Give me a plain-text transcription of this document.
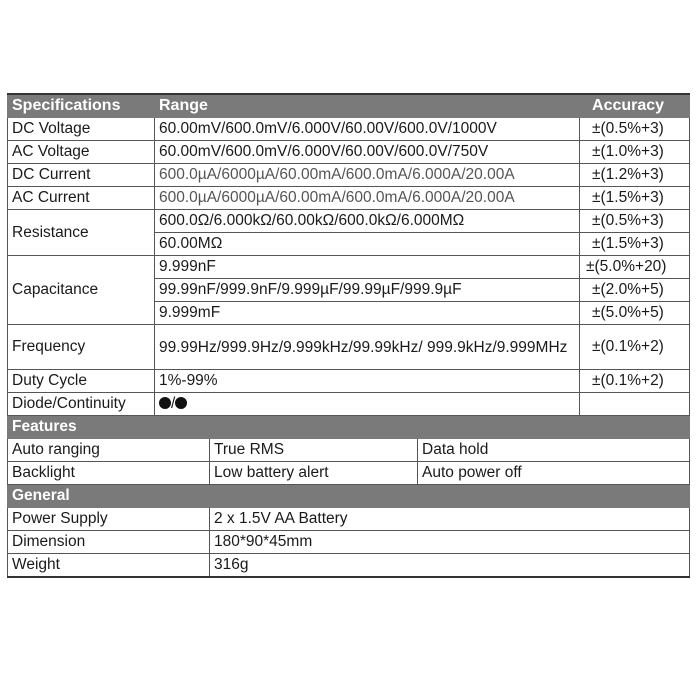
Specifications	Range			Accuracy
DC Voltage	60.00mV/600.0mV/6.000V/60.00V/600.0V/1000V			±(0.5%+3)
AC Voltage	60.00mV/600.0mV/6.000V/60.00V/600.0V/750V			±(1.0%+3)
DC Current	600.0µA/6000µA/60.00mA/600.0mA/6.000A/20.00A			±(1.2%+3)
AC Current	600.0µA/6000µA/60.00mA/600.0mA/6.000A/20.00A			±(1.5%+3)
Resistance	600.0Ω/6.000kΩ/60.00kΩ/600.0kΩ/6.000MΩ			±(0.5%+3)
	60.00MΩ			±(1.5%+3)
Capacitance	9.999nF			±(5.0%+20)
	99.99nF/999.9nF/9.999µF/99.99µF/999.9µF			±(2.0%+5)
	9.999mF			±(5.0%+5)
Frequency	99.99Hz/999.9Hz/9.999kHz/99.99kHz/ 999.9kHz/9.999MHz			±(0.1%+2)
Duty Cycle	1%-99%			±(0.1%+2)
Diode/Continuity	/			
Features				
Auto ranging		True RMS	Data hold	
Backlight		Low battery alert	Auto power off	
General				
Power Supply		2 x 1.5V AA Battery		
Dimension		180*90*45mm		
Weight		316g		
